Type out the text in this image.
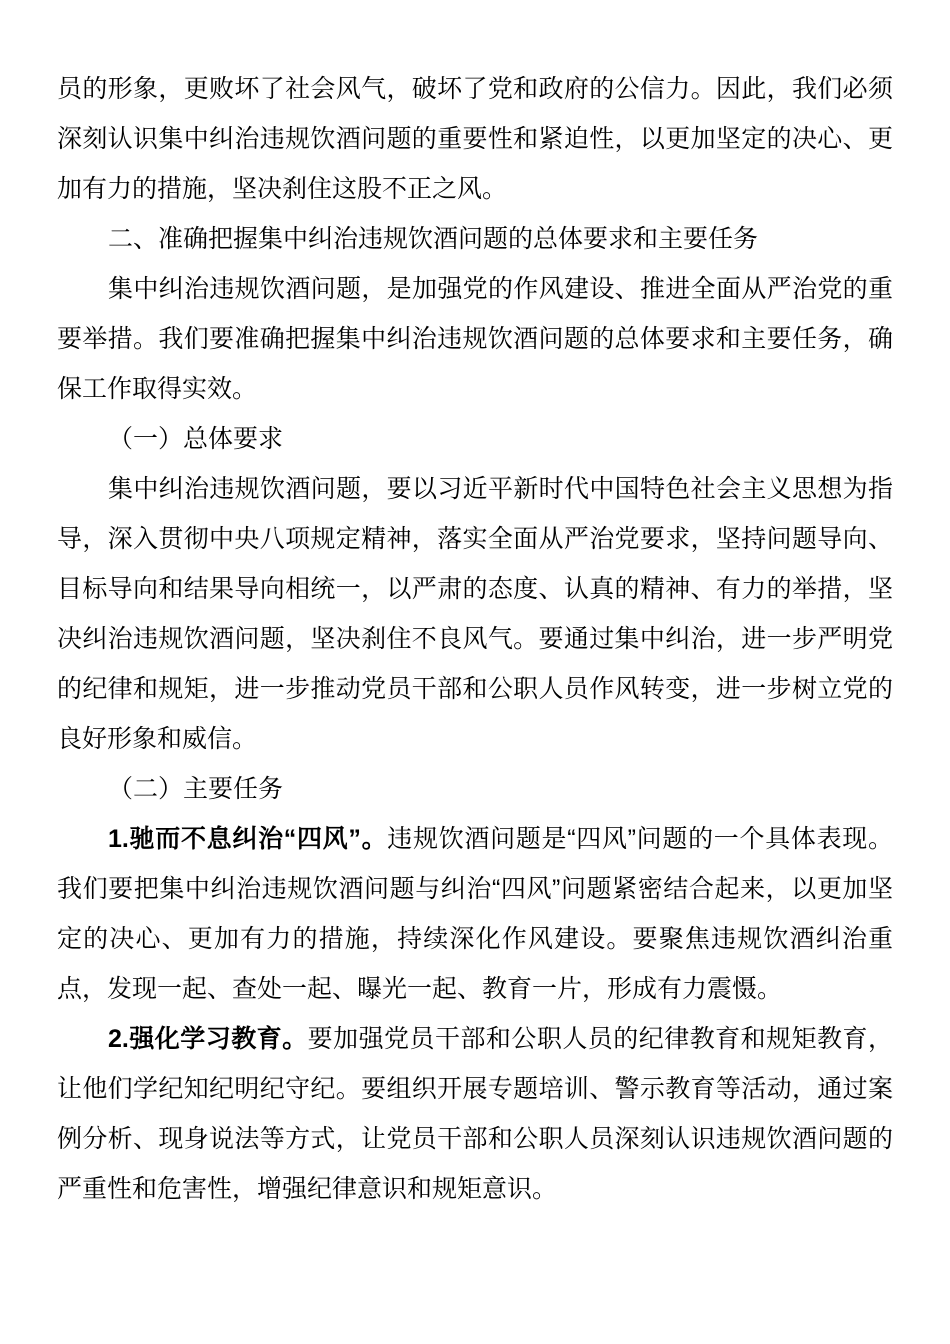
员的形象，更败坏了社会风气，破坏了党和政府的公信力。因此，我们必须深刻认识集中纠治违规饮酒问题的重要性和紧迫性，以更加坚定的决心、更加有力的措施，坚决刹住这股不正之风。

二、准确把握集中纠治违规饮酒问题的总体要求和主要任务

集中纠治违规饮酒问题，是加强党的作风建设、推进全面从严治党的重要举措。我们要准确把握集中纠治违规饮酒问题的总体要求和主要任务，确保工作取得实效。

（一）总体要求

集中纠治违规饮酒问题，要以习近平新时代中国特色社会主义思想为指导，深入贯彻中央八项规定精神，落实全面从严治党要求，坚持问题导向、目标导向和结果导向相统一，以严肃的态度、认真的精神、有力的举措，坚决纠治违规饮酒问题，坚决刹住不良风气。要通过集中纠治，进一步严明党的纪律和规矩，进一步推动党员干部和公职人员作风转变，进一步树立党的良好形象和威信。

（二）主要任务

1.驰而不息纠治“四风”。违规饮酒问题是“四风”问题的一个具体表现。我们要把集中纠治违规饮酒问题与纠治“四风”问题紧密结合起来，以更加坚定的决心、更加有力的措施，持续深化作风建设。要聚焦违规饮酒纠治重点，发现一起、查处一起、曝光一起、教育一片，形成有力震慑。

2.强化学习教育。要加强党员干部和公职人员的纪律教育和规矩教育，让他们学纪知纪明纪守纪。要组织开展专题培训、警示教育等活动，通过案例分析、现身说法等方式，让党员干部和公职人员深刻认识违规饮酒问题的严重性和危害性，增强纪律意识和规矩意识。
